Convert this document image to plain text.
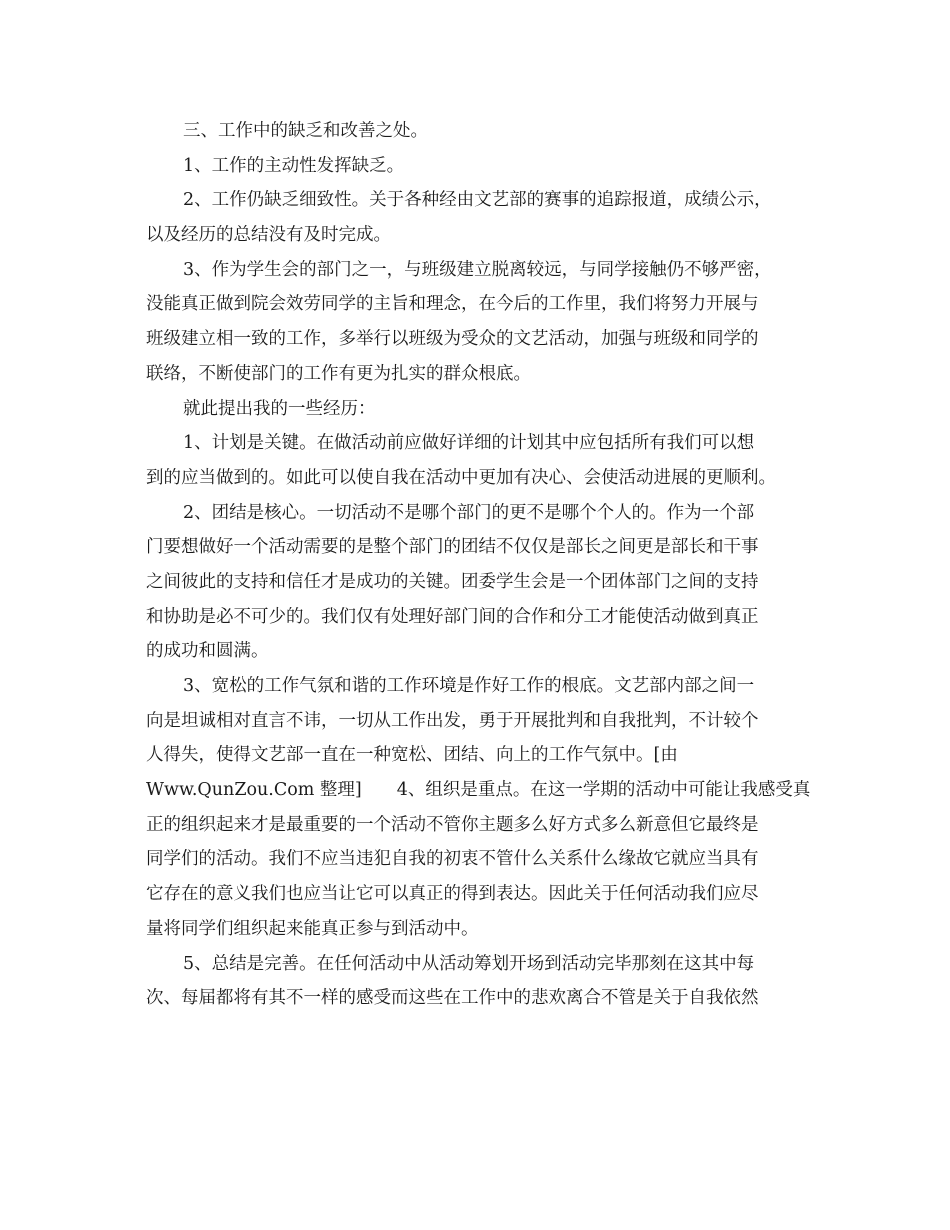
三、工作中的缺乏和改善之处。
1、工作的主动性发挥缺乏。
2、工作仍缺乏细致性。关于各种经由文艺部的赛事的追踪报道，成绩公示，
以及经历的总结没有及时完成。
3、作为学生会的部门之一，与班级建立脱离较远，与同学接触仍不够严密，
没能真正做到院会效劳同学的主旨和理念，在今后的工作里，我们将努力开展与
班级建立相一致的工作，多举行以班级为受众的文艺活动，加强与班级和同学的
联络，不断使部门的工作有更为扎实的群众根底。
就此提出我的一些经历：
1、计划是关键。在做活动前应做好详细的计划其中应包括所有我们可以想
到的应当做到的。如此可以使自我在活动中更加有决心、会使活动进展的更顺利。
2、团结是核心。一切活动不是哪个部门的更不是哪个个人的。作为一个部
门要想做好一个活动需要的是整个部门的团结不仅仅是部长之间更是部长和干事
之间彼此的支持和信任才是成功的关键。团委学生会是一个团体部门之间的支持
和协助是必不可少的。我们仅有处理好部门间的合作和分工才能使活动做到真正
的成功和圆满。
3、宽松的工作气氛和谐的工作环境是作好工作的根底。文艺部内部之间一
向是坦诚相对直言不讳，一切从工作出发，勇于开展批判和自我批判，不计较个
人得失，使得文艺部一直在一种宽松、团结、向上的工作气氛中。[由
Www.QunZou.Com 整理]　　4、组织是重点。在这一学期的活动中可能让我感受真
正的组织起来才是最重要的一个活动不管你主题多么好方式多么新意但它最终是
同学们的活动。我们不应当违犯自我的初衷不管什么关系什么缘故它就应当具有
它存在的意义我们也应当让它可以真正的得到表达。因此关于任何活动我们应尽
量将同学们组织起来能真正参与到活动中。
5、总结是完善。在任何活动中从活动筹划开场到活动完毕那刻在这其中每
次、每届都将有其不一样的感受而这些在工作中的悲欢离合不管是关于自我依然
